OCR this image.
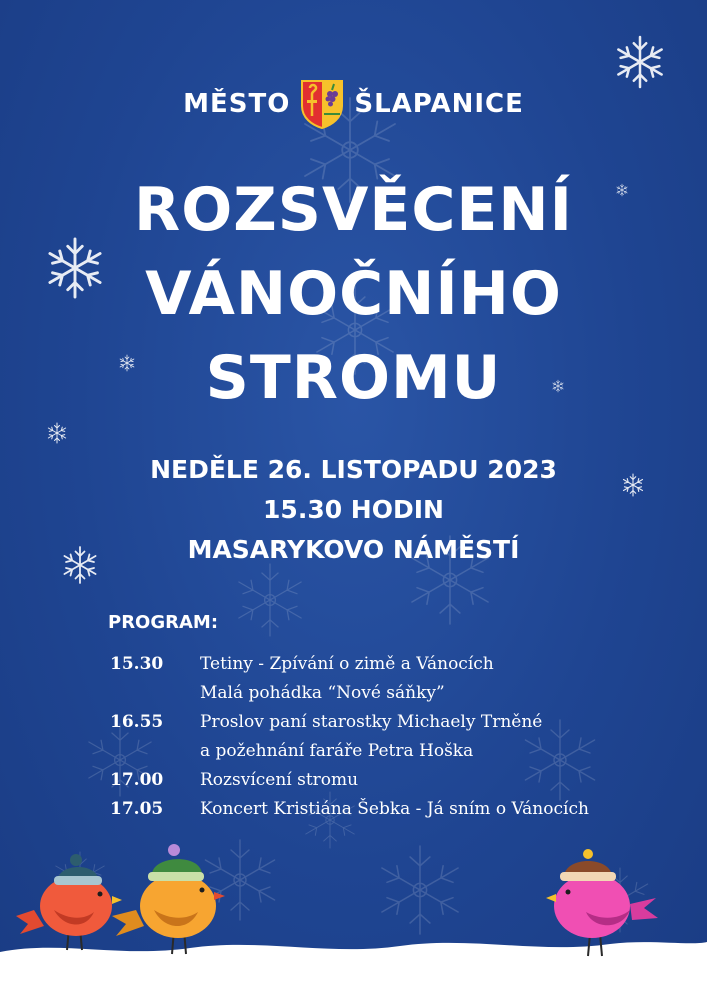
MĚSTO ŠLAPANICE
ROZSVĚCENÍ
VÁNOČNÍHO
STROMU
NEDĚLE 26. LISTOPADU 2023
15.30 HODIN
MASARYKOVO NÁMĚSTÍ
PROGRAM:
15.30	Tetiny - Zpívání o zimě a Vánocích
Malá pohádka “Nové sáňky”
16.55	Proslov paní starostky Michaely Trněné
a požehnání faráře Petra Hoška
17.00	Rozsvícení stromu
17.05	Koncert Kristiána Šebka - Já sním o Vánocích
